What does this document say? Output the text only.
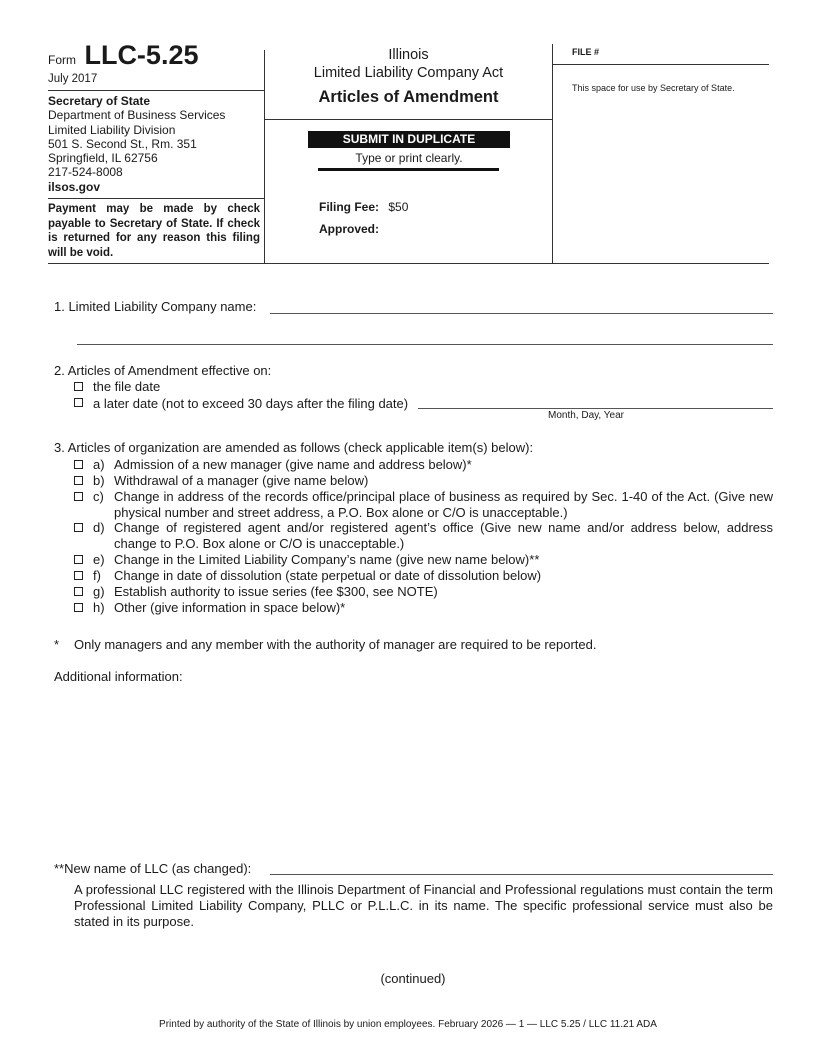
Form LLC-5.25
July 2017
Secretary of State
Department of Business Services
Limited Liability Division
501 S. Second St., Rm. 351
Springfield, IL 62756
217-524-8008
ilsos.gov
Payment may be made by check payable to Secretary of State. If check is returned for any reason this filing will be void.
Illinois
Limited Liability Company Act
Articles of Amendment
SUBMIT IN DUPLICATE
Type or print clearly.
Filing Fee: $50
Approved:
FILE #
This space for use by Secretary of State.
1. Limited Liability Company name:
2. Articles of Amendment effective on:
the file date
a later date (not to exceed 30 days after the filing date)
Month, Day, Year
3. Articles of organization are amended as follows (check applicable item(s) below):
a) Admission of a new manager (give name and address below)*
b) Withdrawal of a manager (give name below)
c) Change in address of the records office/principal place of business as required by Sec. 1-40 of the Act. (Give new physical number and street address, a P.O. Box alone or C/O is unacceptable.)
d) Change of registered agent and/or registered agent’s office (Give new name and/or address below, address change to P.O. Box alone or C/O is unacceptable.)
e) Change in the Limited Liability Company’s name (give new name below)**
f) Change in date of dissolution (state perpetual or date of dissolution below)
g) Establish authority to issue series (fee $300, see NOTE)
h) Other (give information in space below)*
* Only managers and any member with the authority of manager are required to be reported.
Additional information:
**New name of LLC (as changed):
A professional LLC registered with the Illinois Department of Financial and Professional regulations must contain the term Professional Limited Liability Company, PLLC or P.L.L.C. in its name. The specific professional service must also be stated in its purpose.
(continued)
Printed by authority of the State of Illinois by union employees. February 2026 — 1 — LLC 5.25 / LLC 11.21 ADA
